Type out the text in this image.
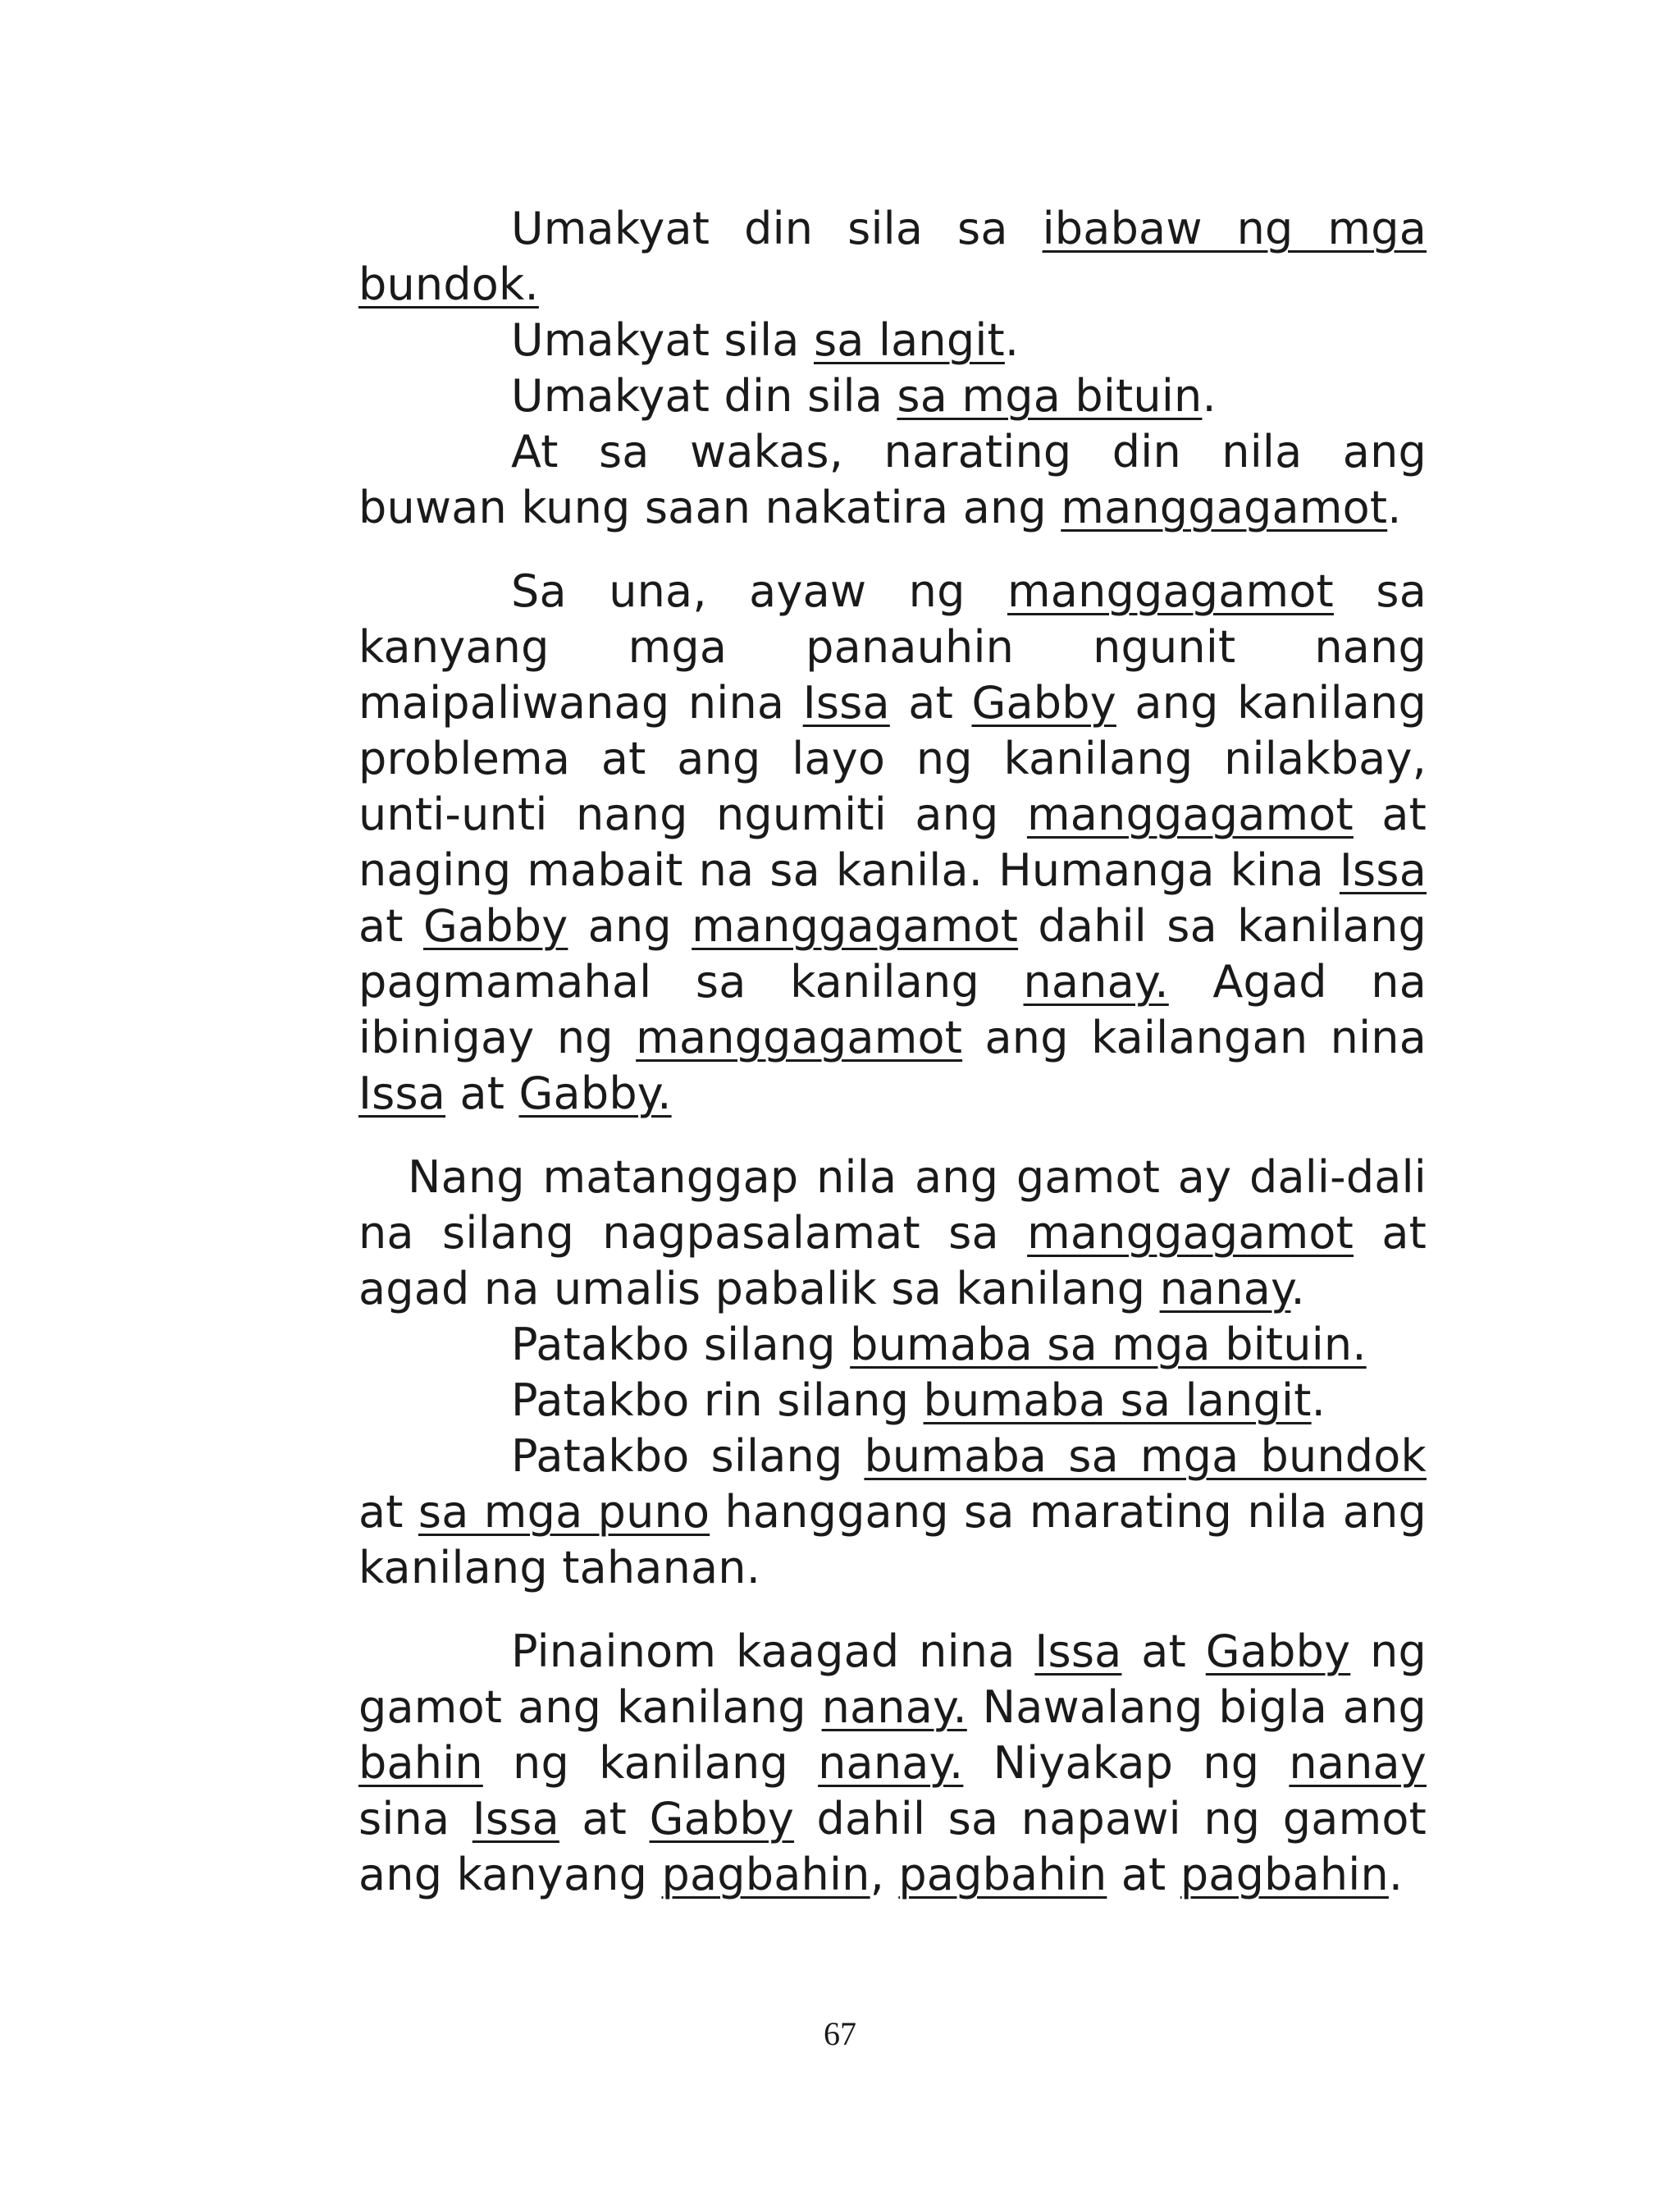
Umakyat din sila sa ibabaw ng mga bundok.

Umakyat sila sa langit.

Umakyat din sila sa mga bituin.

At sa wakas, narating din nila ang buwan kung saan nakatira ang manggagamot.

Sa una, ayaw ng manggagamot sa kanyang mga panauhin ngunit nang maipaliwanag nina Issa at Gabby ang kanilang problema at ang layo ng kanilang nilakbay, unti-unti nang ngumiti ang manggagamot at naging mabait na sa kanila. Humanga kina Issa at Gabby ang manggagamot dahil sa kanilang pagmamahal sa kanilang nanay. Agad na ibinigay ng manggagamot ang kailangan nina Issa at Gabby.

Nang matanggap nila ang gamot ay dali-dali na silang nagpasalamat sa manggagamot at agad na umalis pabalik sa kanilang nanay.

Patakbo silang bumaba sa mga bituin.

Patakbo rin silang bumaba sa langit.

Patakbo silang bumaba sa mga bundok at sa mga puno hanggang sa marating nila ang kanilang tahanan.

Pinainom kaagad nina Issa at Gabby ng gamot ang kanilang nanay. Nawalang bigla ang bahin ng kanilang nanay. Niyakap ng nanay sina Issa at Gabby dahil sa napawi ng gamot ang kanyang pagbahin, pagbahin at pagbahin.

67
